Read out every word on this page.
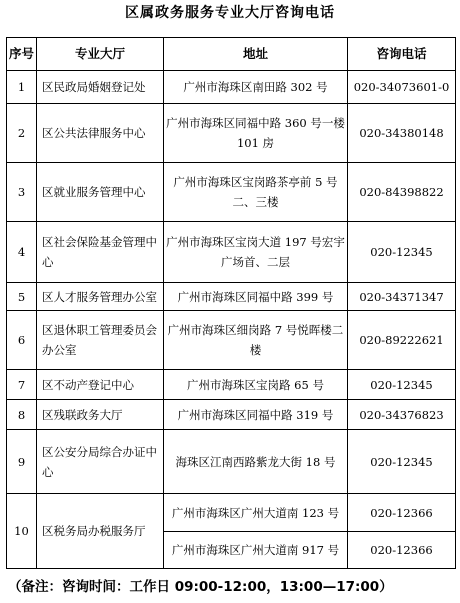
区属政务服务专业大厅咨询电话
序号	专业大厅	地址	咨询电话
1	区民政局婚姻登记处	广州市海珠区南田路 302 号	020-34073601-0
2	区公共法律服务中心	广州市海珠区同福中路 360 号一楼 101 房	020-34380148
3	区就业服务管理中心	广州市海珠区宝岗路茶亭前 5 号二、三楼	020-84398822
4	区社会保险基金管理中心	广州市海珠区宝岗大道 197 号宏宇广场首、二层	020-12345
5	区人才服务管理办公室	广州市海珠区同福中路 399 号	020-34371347
6	区退休职工管理委员会办公室	广州市海珠区细岗路 7 号悦晖楼二楼	020-89222621
7	区不动产登记中心	广州市海珠区宝岗路 65 号	020-12345
8	区残联政务大厅	广州市海珠区同福中路 319 号	020-34376823
9	区公安分局综合办证中心	海珠区江南西路紫龙大街 18 号	020-12345
10	区税务局办税服务厅	广州市海珠区广州大道南 123 号	020-12366
		广州市海珠区广州大道南 917 号	020-12366
（备注：咨询时间：工作日 09:00-12:00，13:00—17:00）
